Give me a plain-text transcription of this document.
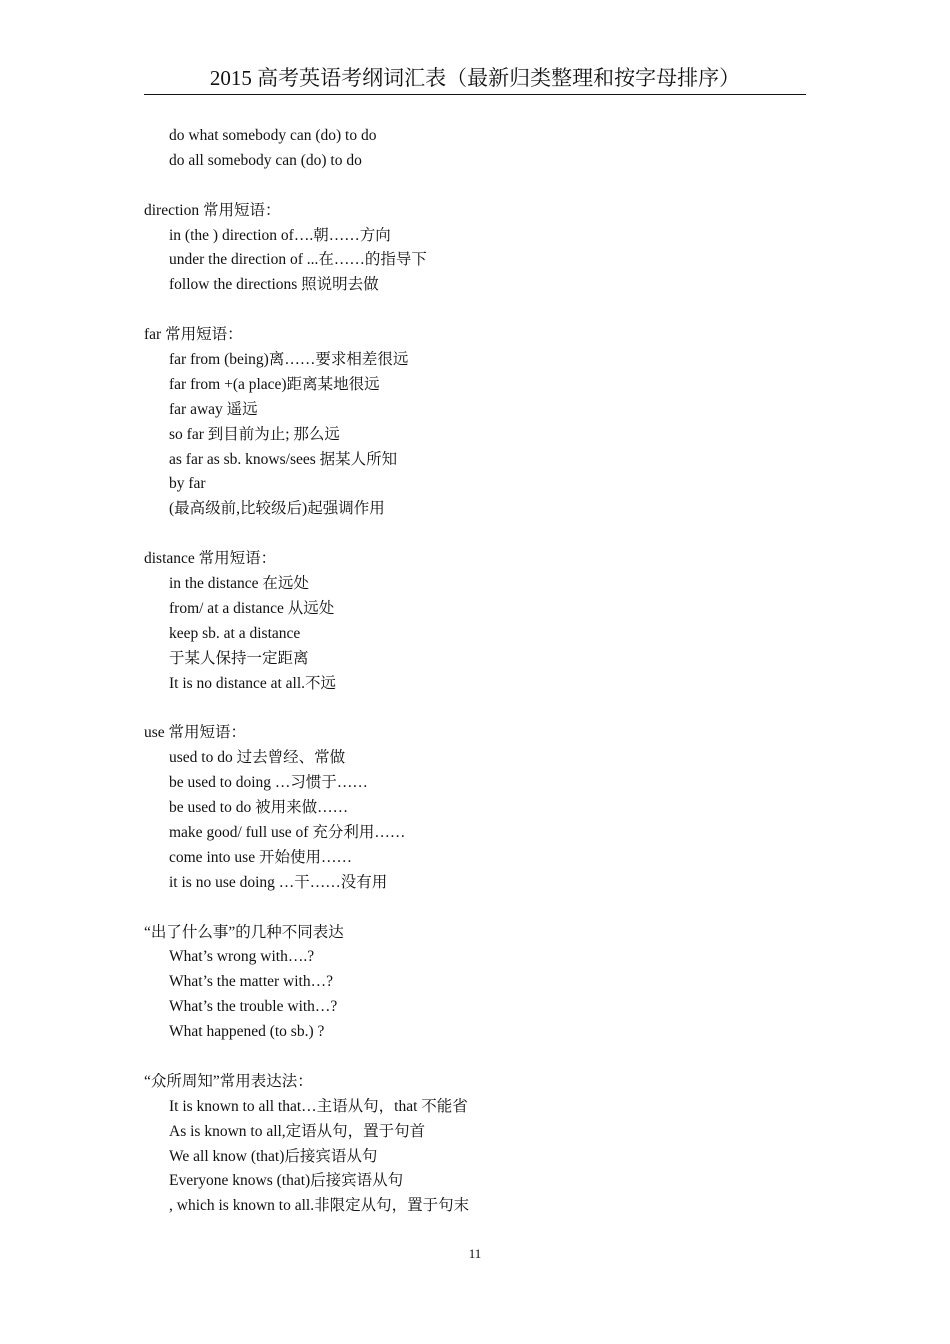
2015 高考英语考纲词汇表（最新归类整理和按字母排序）
do what somebody can (do) to do
do all somebody can (do) to do
direction 常用短语：
in (the ) direction of….朝……方向
under the direction of ...在……的指导下
follow the directions 照说明去做
far 常用短语：
far from (being)离……要求相差很远
far from +(a place)距离某地很远
far away 遥远
so far 到目前为止; 那么远
as far as sb. knows/sees 据某人所知
by far
(最高级前,比较级后)起强调作用
distance 常用短语：
in the distance 在远处
from/ at a distance 从远处
keep sb. at a distance
于某人保持一定距离
It is no distance at all.不远
use 常用短语：
used to do 过去曾经、常做
be used to doing …习惯于……
be used to do 被用来做……
make good/ full use of 充分利用……
come into use 开始使用……
it is no use doing …干……没有用
“出了什么事”的几种不同表达
What’s wrong with….?
What’s the matter with…?
What’s the trouble with…?
What happened (to sb.) ?
“众所周知”常用表达法：
It is known to all that…主语从句，that 不能省
As is known to all,定语从句，置于句首
We all know (that)后接宾语从句
Everyone knows (that)后接宾语从句
, which is known to all.非限定从句，置于句末
11
